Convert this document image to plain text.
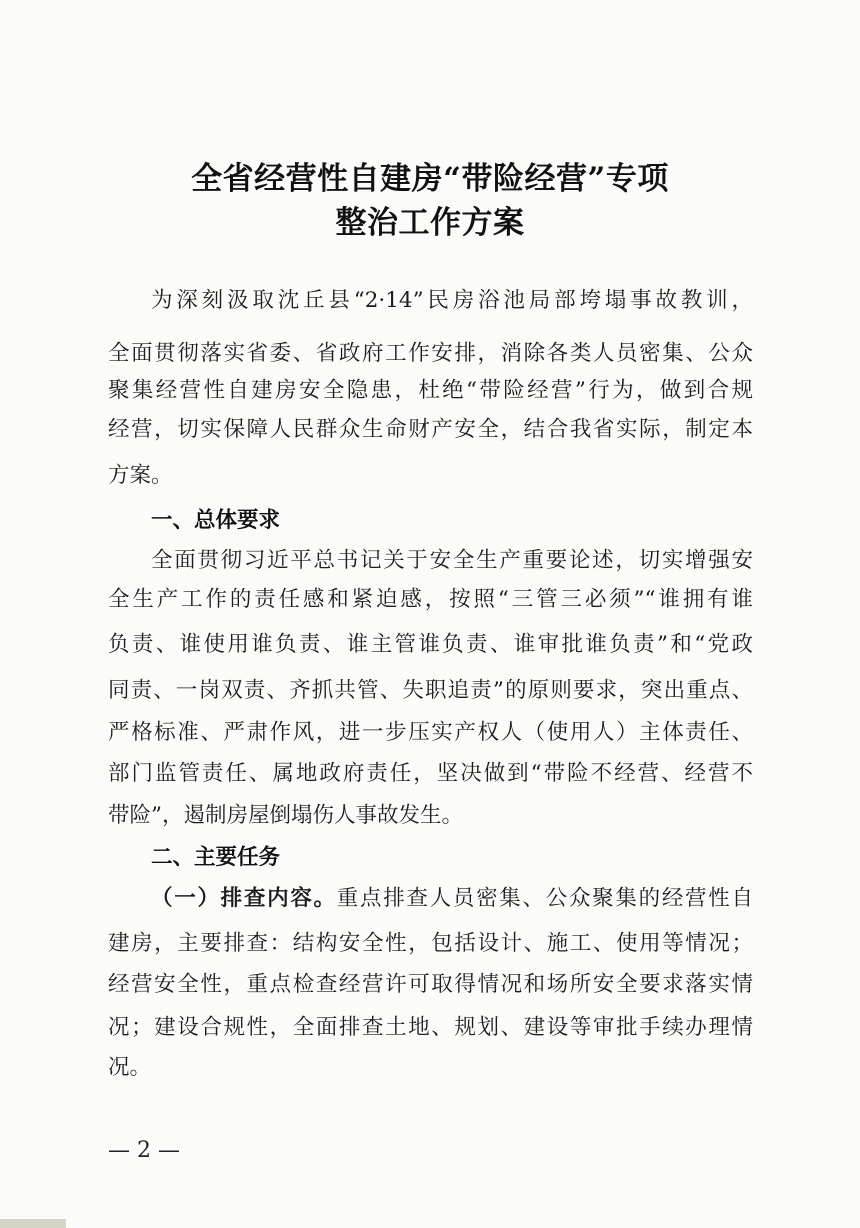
全省经营性自建房“带险经营”专项
整治工作方案
为深刻汲取沈丘县“2·14”民房浴池局部垮塌事故教训，
全面贯彻落实省委、省政府工作安排，消除各类人员密集、公众
聚集经营性自建房安全隐患，杜绝“带险经营”行为，做到合规
经营，切实保障人民群众生命财产安全，结合我省实际，制定本
方案。
一、总体要求
全面贯彻习近平总书记关于安全生产重要论述，切实增强安
全生产工作的责任感和紧迫感，按照“三管三必须”“谁拥有谁
负责、谁使用谁负责、谁主管谁负责、谁审批谁负责”和“党政
同责、一岗双责、齐抓共管、失职追责”的原则要求，突出重点、
严格标准、严肃作风，进一步压实产权人（使用人）主体责任、
部门监管责任、属地政府责任，坚决做到“带险不经营、经营不
带险”，遏制房屋倒塌伤人事故发生。
二、主要任务
（一）排查内容。重点排查人员密集、公众聚集的经营性自
建房，主要排查：结构安全性，包括设计、施工、使用等情况；
经营安全性，重点检查经营许可取得情况和场所安全要求落实情
况；建设合规性，全面排查土地、规划、建设等审批手续办理情
况。
— 2 —
